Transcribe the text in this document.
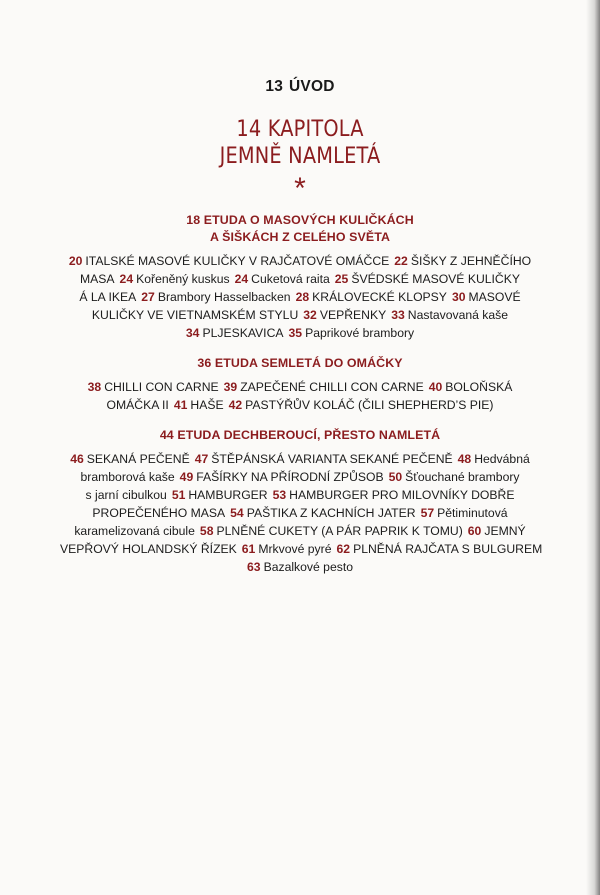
13 ÚVOD
14 KAPITOLA
JEMNĚ NAMLETÁ
*
18 ETUDA O MASOVÝCH KULIČKÁCH
A ŠIŠKÁCH Z CELÉHO SVĚTA
20 ITALSKÉ MASOVÉ KULIČKY V RAJČATOVÉ OMÁČCE 22 ŠIŠKY Z JEHNĚČÍHO
MASA 24 Kořeněný kuskus 24 Cuketová raita 25 ŠVÉDSKÉ MASOVÉ KULIČKY
Á LA IKEA 27 Brambory Hasselbacken 28 KRÁLOVECKÉ KLOPSY 30 MASOVÉ
KULIČKY VE VIETNAMSKÉM STYLU 32 VEPŘENKY 33 Nastavovaná kaše
34 PLJESKAVICA 35 Paprikové brambory
36 ETUDA SEMLETÁ DO OMÁČKY
38 CHILLI CON CARNE 39 ZAPEČENÉ CHILLI CON CARNE 40 BOLOŇSKÁ
OMÁČKA II 41 HAŠE 42 PASTÝŘŮV KOLÁČ (ČILI SHEPHERD’S PIE)
44 ETUDA DECHBEROUCÍ, PŘESTO NAMLETÁ
46 SEKANÁ PEČENĚ 47 ŠTĚPÁNSKÁ VARIANTA SEKANÉ PEČENĚ 48 Hedvábná
bramborová kaše 49 FAŠÍRKY NA PŘÍRODNÍ ZPŮSOB 50 Šťouchané brambory
s jarní cibulkou 51 HAMBURGER 53 HAMBURGER PRO MILOVNÍKY DOBŘE
PROPEČENÉHO MASA 54 PAŠTIKA Z KACHNÍCH JATER 57 Pětiminutová
karamelizovaná cibule 58 PLNĚNÉ CUKETY (A PÁR PAPRIK K TOMU) 60 JEMNÝ
VEPŘOVÝ HOLANDSKÝ ŘÍZEK 61 Mrkvové pyré 62 PLNĚNÁ RAJČATA S BULGUREM
63 Bazalkové pesto
